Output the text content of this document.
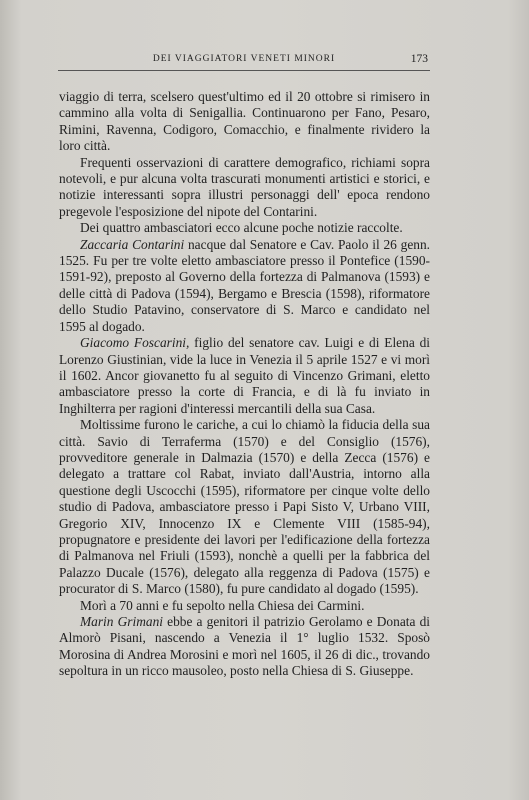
DEI VIAGGIATORI VENETI MINORI	173

viaggio di terra, scelsero quest'ultimo ed il 20 ottobre si rimisero in cammino alla volta di Senigallia. Continuarono per Fano, Pesaro, Rimini, Ravenna, Codigoro, Comacchio, e finalmente rividero la loro città.

Frequenti osservazioni di carattere demografico, richiami sopra notevoli, e pur alcuna volta trascurati monumenti artistici e storici, e notizie interessanti sopra illustri personaggi dell' epoca rendono pregevole l'esposizione del nipote del Contarini.

Dei quattro ambasciatori ecco alcune poche notizie raccolte.

Zaccaria Contarini nacque dal Senatore e Cav. Paolo il 26 genn. 1525. Fu per tre volte eletto ambasciatore presso il Pontefice (1590-1591-92), preposto al Governo della fortezza di Palmanova (1593) e delle città di Padova (1594), Bergamo e Brescia (1598), riformatore dello Studio Patavino, conservatore di S. Marco e candidato nel 1595 al dogado.

Giacomo Foscarini, figlio del senatore cav. Luigi e di Elena di Lorenzo Giustinian, vide la luce in Venezia il 5 aprile 1527 e vi morì il 1602. Ancor giovanetto fu al seguito di Vincenzo Grimani, eletto ambasciatore presso la corte di Francia, e di là fu inviato in Inghilterra per ragioni d'interessi mercantili della sua Casa.

Moltissime furono le cariche, a cui lo chiamò la fiducia della sua città. Savio di Terraferma (1570) e del Consiglio (1576), provveditore generale in Dalmazia (1570) e della Zecca (1576) e delegato a trattare col Rabat, inviato dall'Austria, intorno alla questione degli Uscocchi (1595), riformatore per cinque volte dello studio di Padova, ambasciatore presso i Papi Sisto V, Urbano VIII, Gregorio XIV, Innocenzo IX e Clemente VIII (1585-94), propugnatore e presidente dei lavori per l'edificazione della fortezza di Palmanova nel Friuli (1593), nonchè a quelli per la fabbrica del Palazzo Ducale (1576), delegato alla reggenza di Padova (1575) e procurator di S. Marco (1580), fu pure candidato al dogado (1595).

Morì a 70 anni e fu sepolto nella Chiesa dei Carmini.

Marin Grimani ebbe a genitori il patrizio Gerolamo e Donata di Almorò Pisani, nascendo a Venezia il 1° luglio 1532. Sposò Morosina di Andrea Morosini e morì nel 1605, il 26 di dic., trovando sepoltura in un ricco mausoleo, posto nella Chiesa di S. Giuseppe.
